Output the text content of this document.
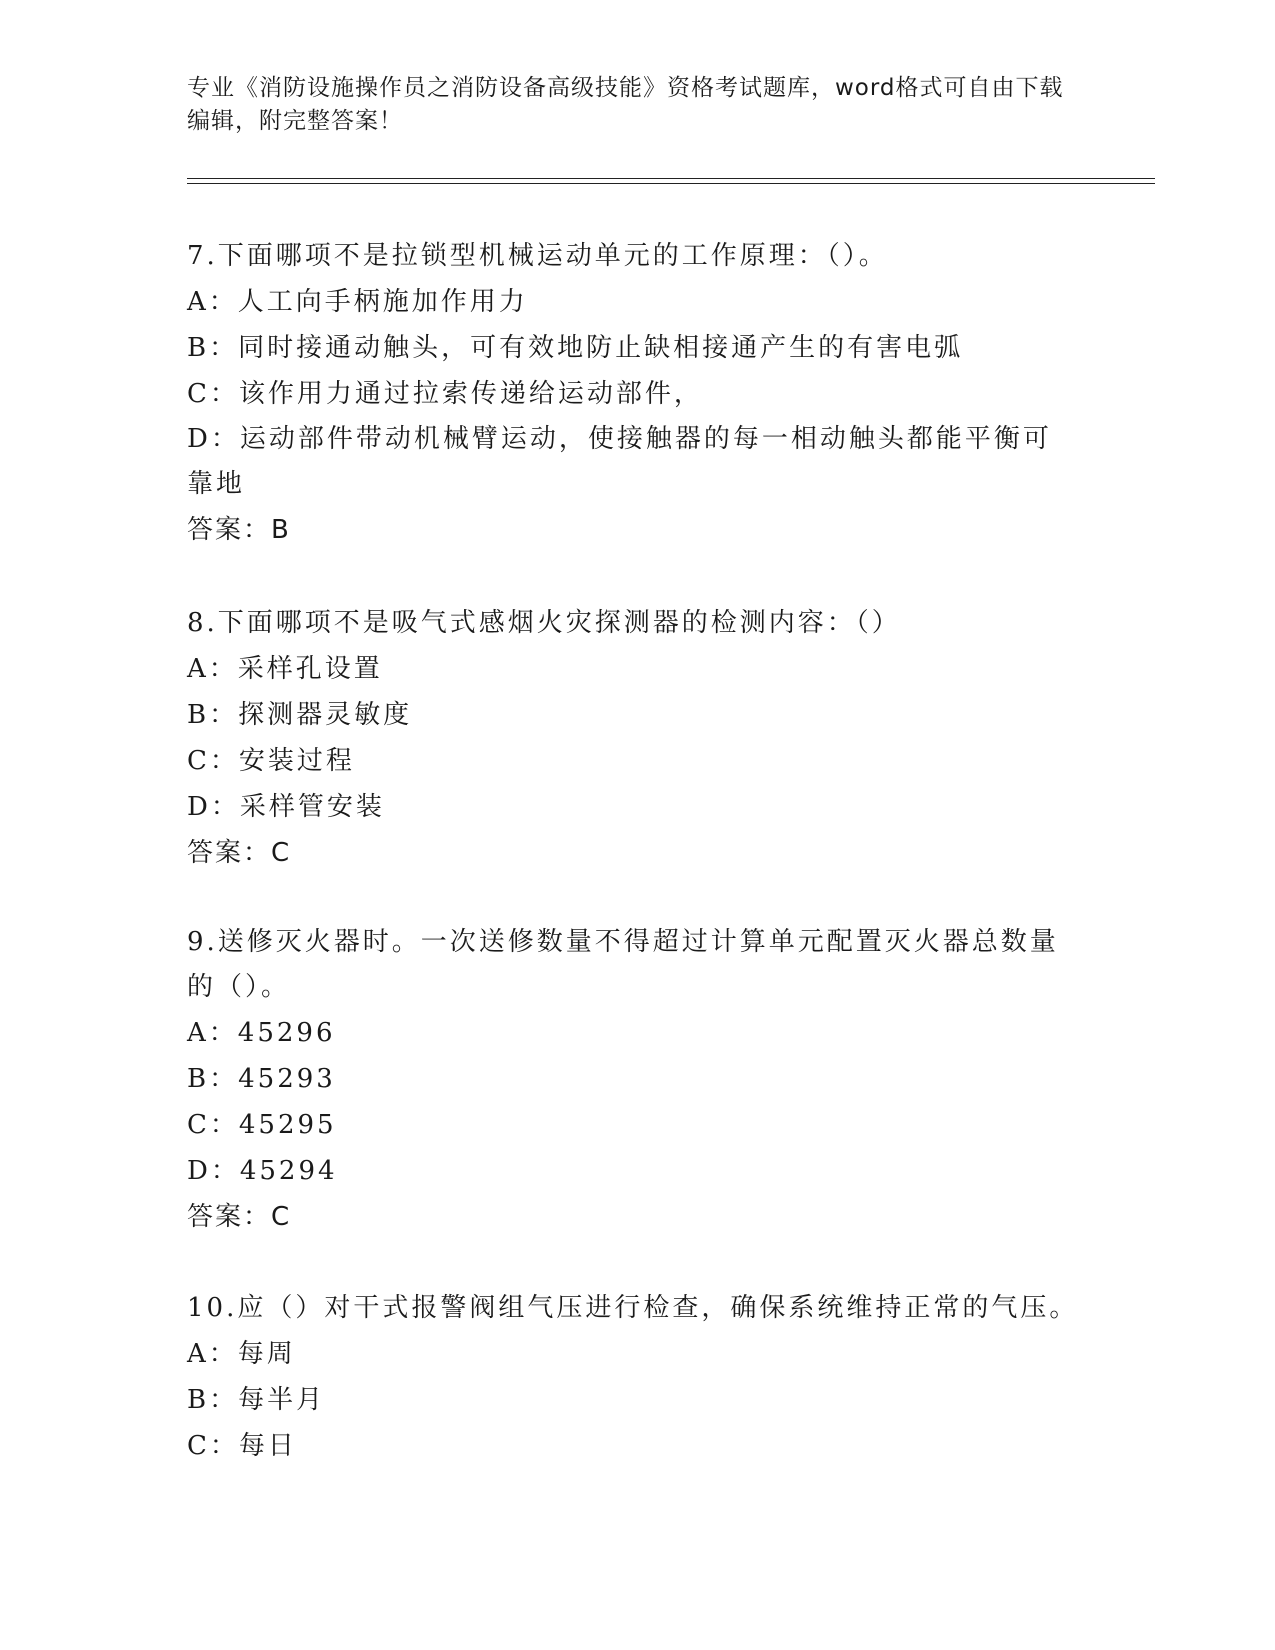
专业《消防设施操作员之消防设备高级技能》资格考试题库，word格式可自由下载编辑，附完整答案！
7.下面哪项不是拉锁型机械运动单元的工作原理：（）。
A：人工向手柄施加作用力
B：同时接通动触头，可有效地防止缺相接通产生的有害电弧
C：该作用力通过拉索传递给运动部件，
D：运动部件带动机械臂运动，使接触器的每一相动触头都能平衡可靠地
答案：B
8.下面哪项不是吸气式感烟火灾探测器的检测内容：（）
A：采样孔设置
B：探测器灵敏度
C：安装过程
D：采样管安装
答案：C
9.送修灭火器时。一次送修数量不得超过计算单元配置灭火器总数量的（）。
A：45296
B：45293
C：45295
D：45294
答案：C
10.应（）对干式报警阀组气压进行检查，确保系统维持正常的气压。
A：每周
B：每半月
C：每日
